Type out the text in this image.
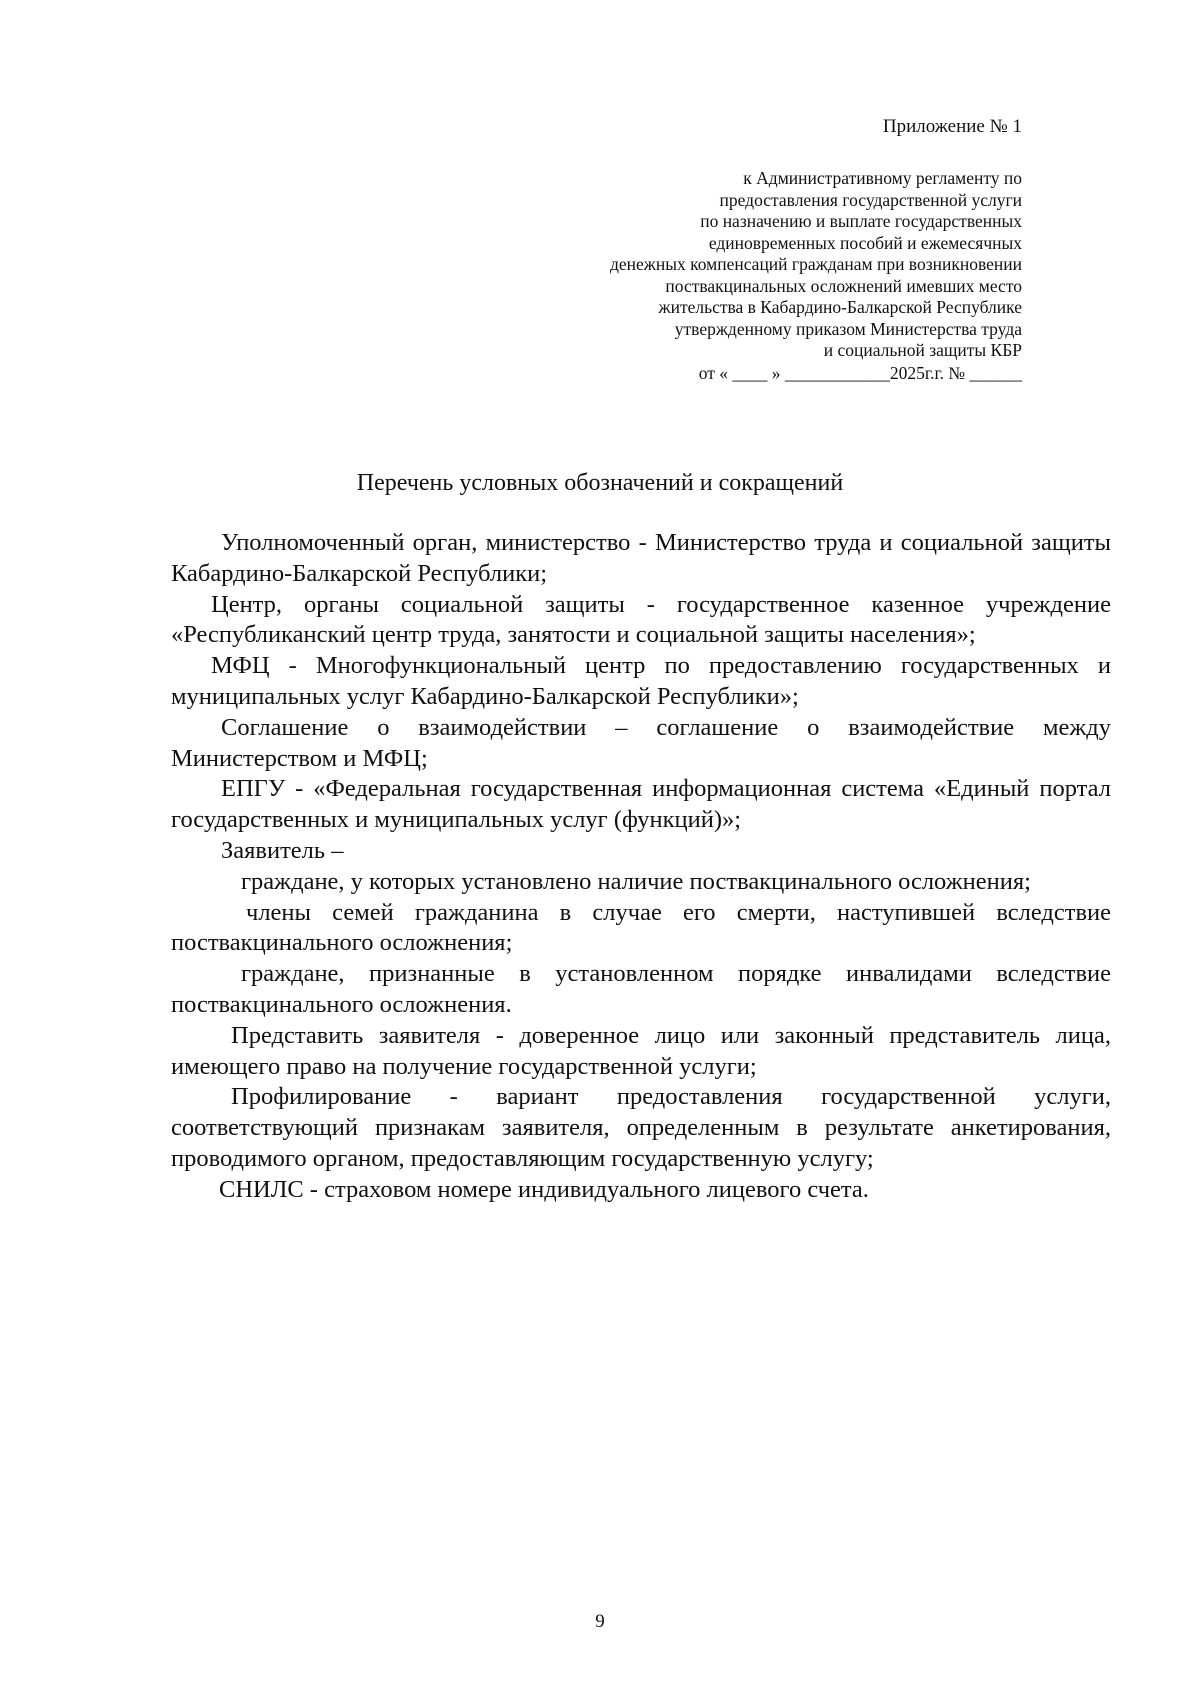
Приложение № 1
к Административному регламенту по
предоставления государственной услуги
по назначению и выплате государственных
единовременных пособий и ежемесячных
денежных компенсаций гражданам при возникновении
поствакцинальных осложнений имевших место
жительства в Кабардино-Балкарской Республике
утвержденному приказом Министерства труда
и социальной защиты КБР
от « ____ » ____________2025г.г. № ______
Перечень условных обозначений и сокращений

Уполномоченный орган, министерство - Министерство труда и социальной защиты Кабардино-Балкарской Республики;

Центр, органы социальной защиты - государственное казенное учреждение «Республиканский центр труда, занятости и социальной защиты населения»;

МФЦ - Многофункциональный центр по предоставлению государственных и муниципальных услуг Кабардино-Балкарской Республики»;

Соглашение о взаимодействии – соглашение о взаимодействие между Министерством и МФЦ;

ЕПГУ - «Федеральная государственная информационная система «Единый портал государственных и муниципальных услуг (функций)»;

Заявитель –

граждане, у которых установлено наличие поствакцинального осложнения;

члены семей гражданина в случае его смерти, наступившей вследствие поствакцинального осложнения;

граждане, признанные в установленном порядке инвалидами вследствие поствакцинального осложнения.

Представить заявителя - доверенное лицо или законный представитель лица, имеющего право на получение государственной услуги;

Профилирование - вариант предоставления государственной услуги, соответствующий признакам заявителя, определенным в результате анкетирования, проводимого органом, предоставляющим государственную услугу;

СНИЛС - страховом номере индивидуального лицевого счета.

9
